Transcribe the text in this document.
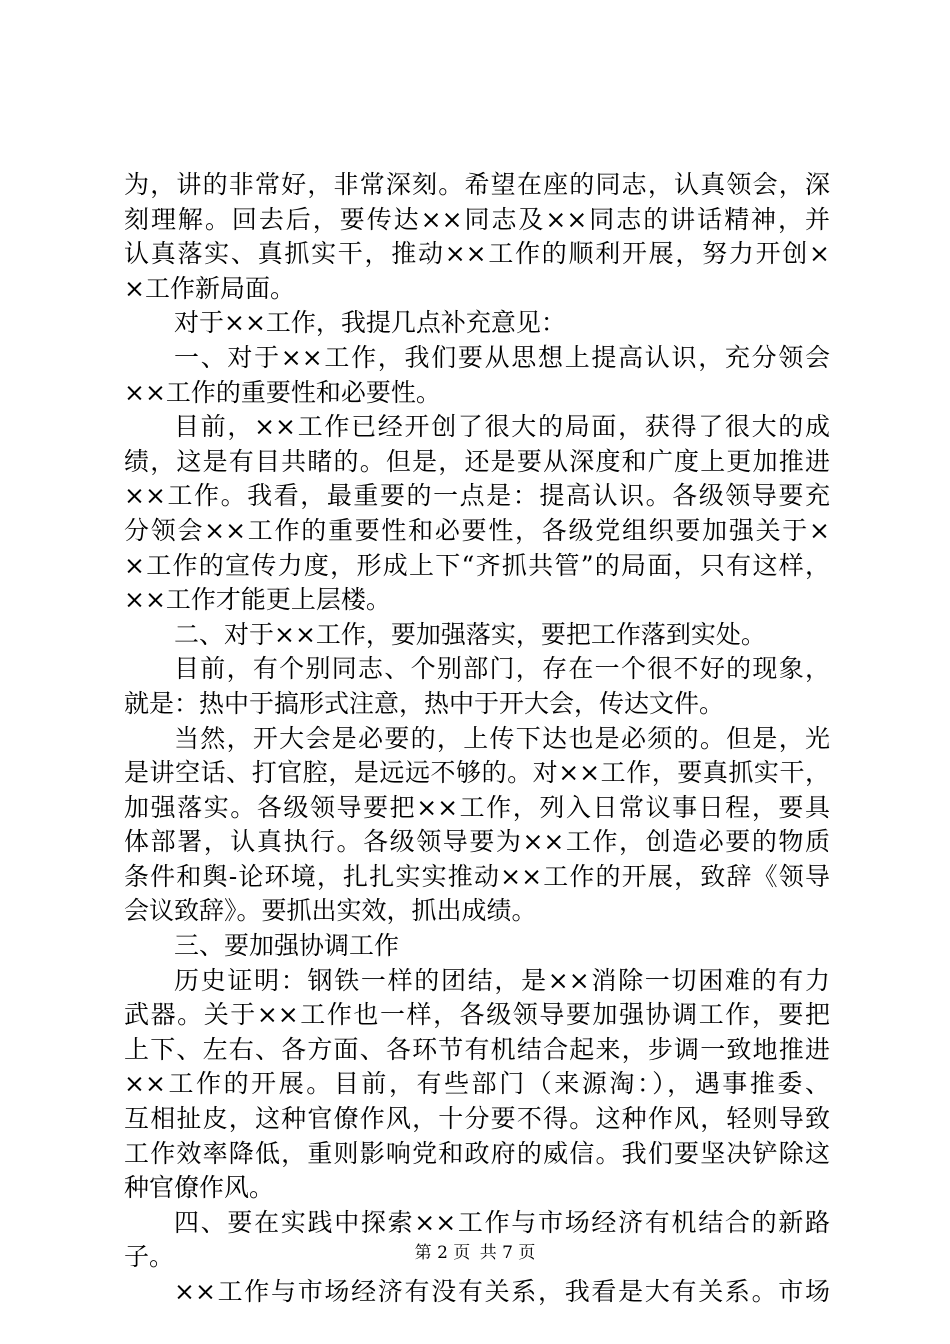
为，讲的非常好，非常深刻。希望在座的同志，认真领会，深
刻理解。回去后，要传达××同志及××同志的讲话精神，并
认真落实、真抓实干，推动××工作的顺利开展，努力开创×
×工作新局面。
对于××工作，我提几点补充意见：
一、对于××工作，我们要从思想上提高认识，充分领会
××工作的重要性和必要性。
目前，××工作已经开创了很大的局面，获得了很大的成
绩，这是有目共睹的。但是，还是要从深度和广度上更加推进
××工作。我看，最重要的一点是：提高认识。各级领导要充
分领会××工作的重要性和必要性，各级党组织要加强关于×
×工作的宣传力度，形成上下“齐抓共管”的局面，只有这样，
××工作才能更上层楼。
二、对于××工作，要加强落实，要把工作落到实处。
目前，有个别同志、个别部门，存在一个很不好的现象，
就是：热中于搞形式注意，热中于开大会，传达文件。
当然，开大会是必要的，上传下达也是必须的。但是，光
是讲空话、打官腔，是远远不够的。对××工作，要真抓实干，
加强落实。各级领导要把××工作，列入日常议事日程，要具
体部署，认真执行。各级领导要为××工作，创造必要的物质
条件和舆-论环境，扎扎实实推动××工作的开展，致辞《领导
会议致辞》。要抓出实效，抓出成绩。
三、要加强协调工作
历史证明：钢铁一样的团结，是××消除一切困难的有力
武器。关于××工作也一样，各级领导要加强协调工作，要把
上下、左右、各方面、各环节有机结合起来，步调一致地推进
××工作的开展。目前，有些部门（来源淘：），遇事推委、
互相扯皮，这种官僚作风，十分要不得。这种作风，轻则导致
工作效率降低，重则影响党和政府的威信。我们要坚决铲除这
种官僚作风。
四、要在实践中探索××工作与市场经济有机结合的新路
子。
××工作与市场经济有没有关系，我看是大有关系。市场
第 2 页 共 7 页
